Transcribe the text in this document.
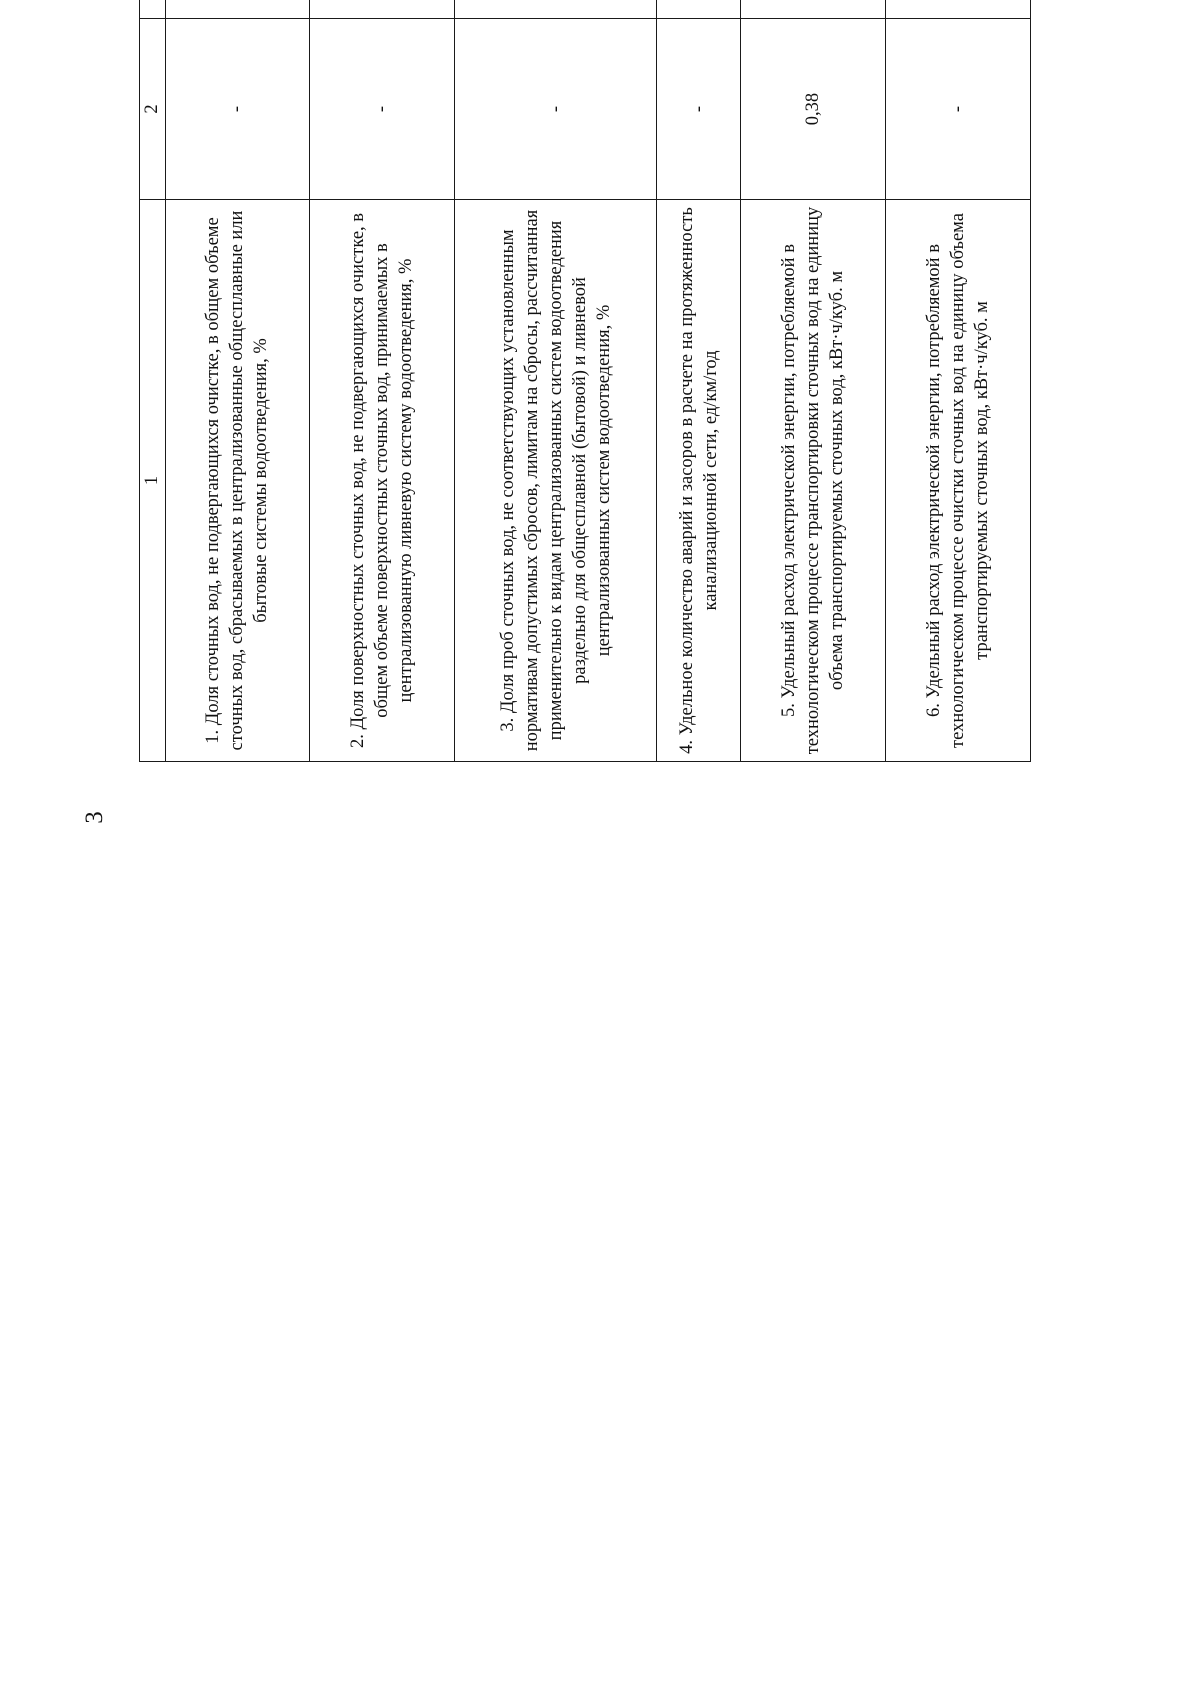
3
1	2				
1. Доля сточных вод, не подвергающихся очистке, в общем объеме сточных вод, сбрасываемых в централизованные общесплавные или бытовые системы водоотведения, %	-				
2. Доля поверхностных сточных вод, не подвергающихся очистке, в общем объеме поверхностных сточных вод, принимаемых в централизованную ливневую систему водоотведения, %	-				
3. Доля проб сточных вод, не соответствующих установленным нормативам допустимых сбросов, лимитам на сбросы, рассчитанная применительно к видам централизованных систем водоотведения раздельно для общесплавной (бытовой) и ливневой централизованных систем водоотведения, %	-				
4. Удельное количество аварий и засоров в расчете на протяженность канализационной сети, ед/км/год	-				
5. Удельный расход электрической энергии, потребляемой в технологическом процессе транспортировки сточных вод на единицу объема транспортируемых сточных вод, кВт·ч/куб. м	0,38				
6. Удельный расход электрической энергии, потребляемой в технологическом процессе очистки сточных вод на единицу объема транспортируемых сточных вод, кВт·ч/куб. м	-				
